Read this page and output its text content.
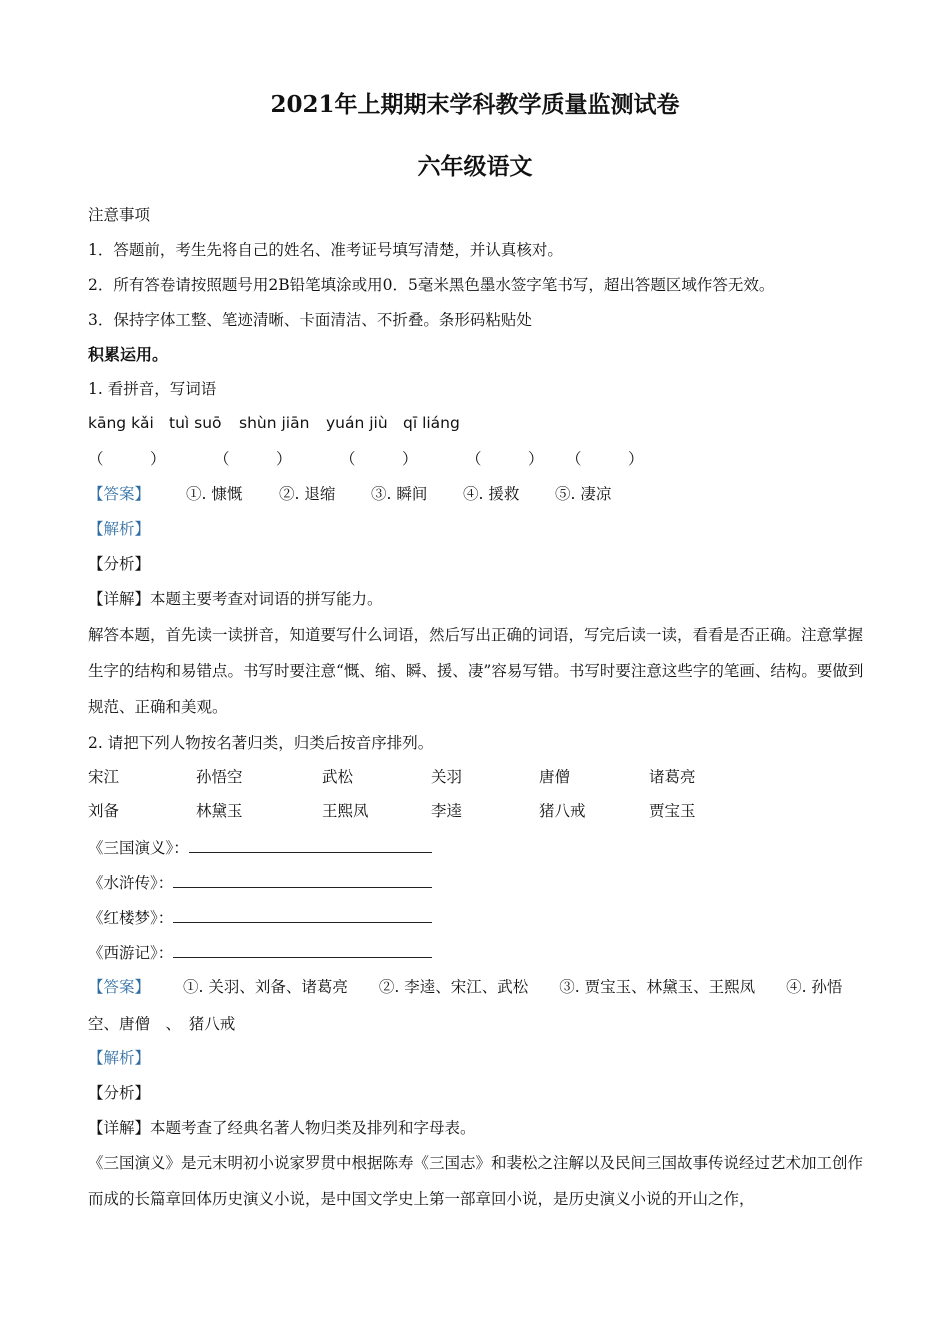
2021年上期期末学科教学质量监测试卷
六年级语文
注意事项
1．答题前，考生先将自己的姓名、准考证号填写清楚，并认真核对。
2．所有答卷请按照题号用2B铅笔填涂或用0．5毫米黑色墨水签字笔书写，超出答题区域作答无效。
3．保持字体工整、笔迹清晰、卡面清洁、不折叠。条形码粘贴处
积累运用。
1. 看拼音，写词语
kāng kǎi tuì suō shùn jiān yuán jiù qī liáng
（	）	（	）	（	）	（	） （	）
【答案】 ①. 慷慨 ②. 退缩 ③. 瞬间 ④. 援救 ⑤. 凄凉
【解析】
【分析】
【详解】本题主要考查对词语的拼写能力。
解答本题，首先读一读拼音，知道要写什么词语，然后写出正确的词语，写完后读一读，看看是否正确。注意掌握生字的结构和易错点。书写时要注意“慨、缩、瞬、援、凄”容易写错。书写时要注意这些字的笔画、结构。要做到规范、正确和美观。
2. 请把下列人物按名著归类，归类后按音序排列。
宋江	孙悟空	武松	关羽	唐僧	诸葛亮
刘备	林黛玉	王熙凤	李逵	猪八戒	贾宝玉
《三国演义》：
《水浒传》：
《红楼梦》：
《西游记》：
【答案】 ①. 关羽、刘备、诸葛亮　　②. 李逵、宋江、武松　　③. 贾宝玉、林黛玉、王熙凤　　④. 孙悟
空、唐僧　、　猪八戒
【解析】
【分析】
【详解】本题考查了经典名著人物归类及排列和字母表。
《三国演义》是元末明初小说家罗贯中根据陈寿《三国志》和裴松之注解以及民间三国故事传说经过艺术加工创作而成的长篇章回体历史演义小说，是中国文学史上第一部章回小说，是历史演义小说的开山之作，
